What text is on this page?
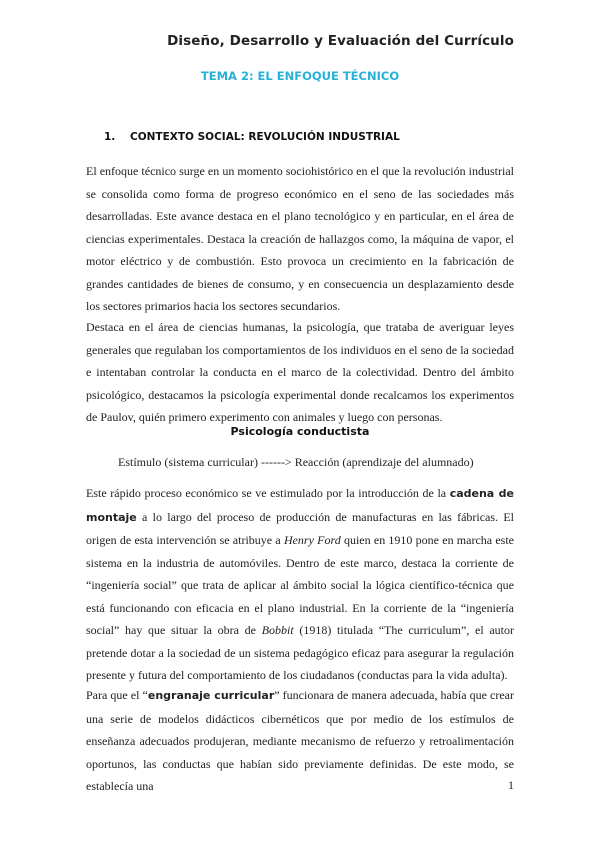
Diseño, Desarrollo y Evaluación del Currículo
TEMA 2: EL ENFOQUE TÉCNICO
1. CONTEXTO SOCIAL: REVOLUCIÓN INDUSTRIAL
El enfoque técnico surge en un momento sociohistórico en el que la revolución industrial se consolida como forma de progreso económico en el seno de las sociedades más desarrolladas. Este avance destaca en el plano tecnológico y en particular, en el área de ciencias experimentales. Destaca la creación de hallazgos como, la máquina de vapor, el motor eléctrico y de combustión. Esto provoca un crecimiento en la fabricación de grandes cantidades de bienes de consumo, y en consecuencia un desplazamiento desde los sectores primarios hacia los sectores secundarios.
Destaca en el área de ciencias humanas, la psicología, que trataba de averiguar leyes generales que regulaban los comportamientos de los individuos en el seno de la sociedad e intentaban controlar la conducta en el marco de la colectividad. Dentro del ámbito psicológico, destacamos la psicología experimental donde recalcamos los experimentos de Paulov, quién primero experimento con animales y luego con personas.
Psicología conductista
Estímulo (sistema curricular) ------> Reacción (aprendizaje del alumnado)
Este rápido proceso económico se ve estimulado por la introducción de la cadena de montaje a lo largo del proceso de producción de manufacturas en las fábricas. El origen de esta intervención se atribuye a Henry Ford quien en 1910 pone en marcha este sistema en la industria de automóviles. Dentro de este marco, destaca la corriente de “ingeniería social” que trata de aplicar al ámbito social la lógica científico-técnica que está funcionando con eficacia en el plano industrial. En la corriente de la “ingeniería social” hay que situar la obra de Bobbit (1918) titulada “The curriculum”, el autor pretende dotar a la sociedad de un sistema pedagógico eficaz para asegurar la regulación presente y futura del comportamiento de los ciudadanos (conductas para la vida adulta).
Para que el “engranaje curricular” funcionara de manera adecuada, había que crear una serie de modelos didácticos cibernéticos que por medio de los estímulos de enseñanza adecuados produjeran, mediante mecanismo de refuerzo y retroalimentación oportunos, las conductas que habían sido previamente definidas. De este modo, se establecía una	1
